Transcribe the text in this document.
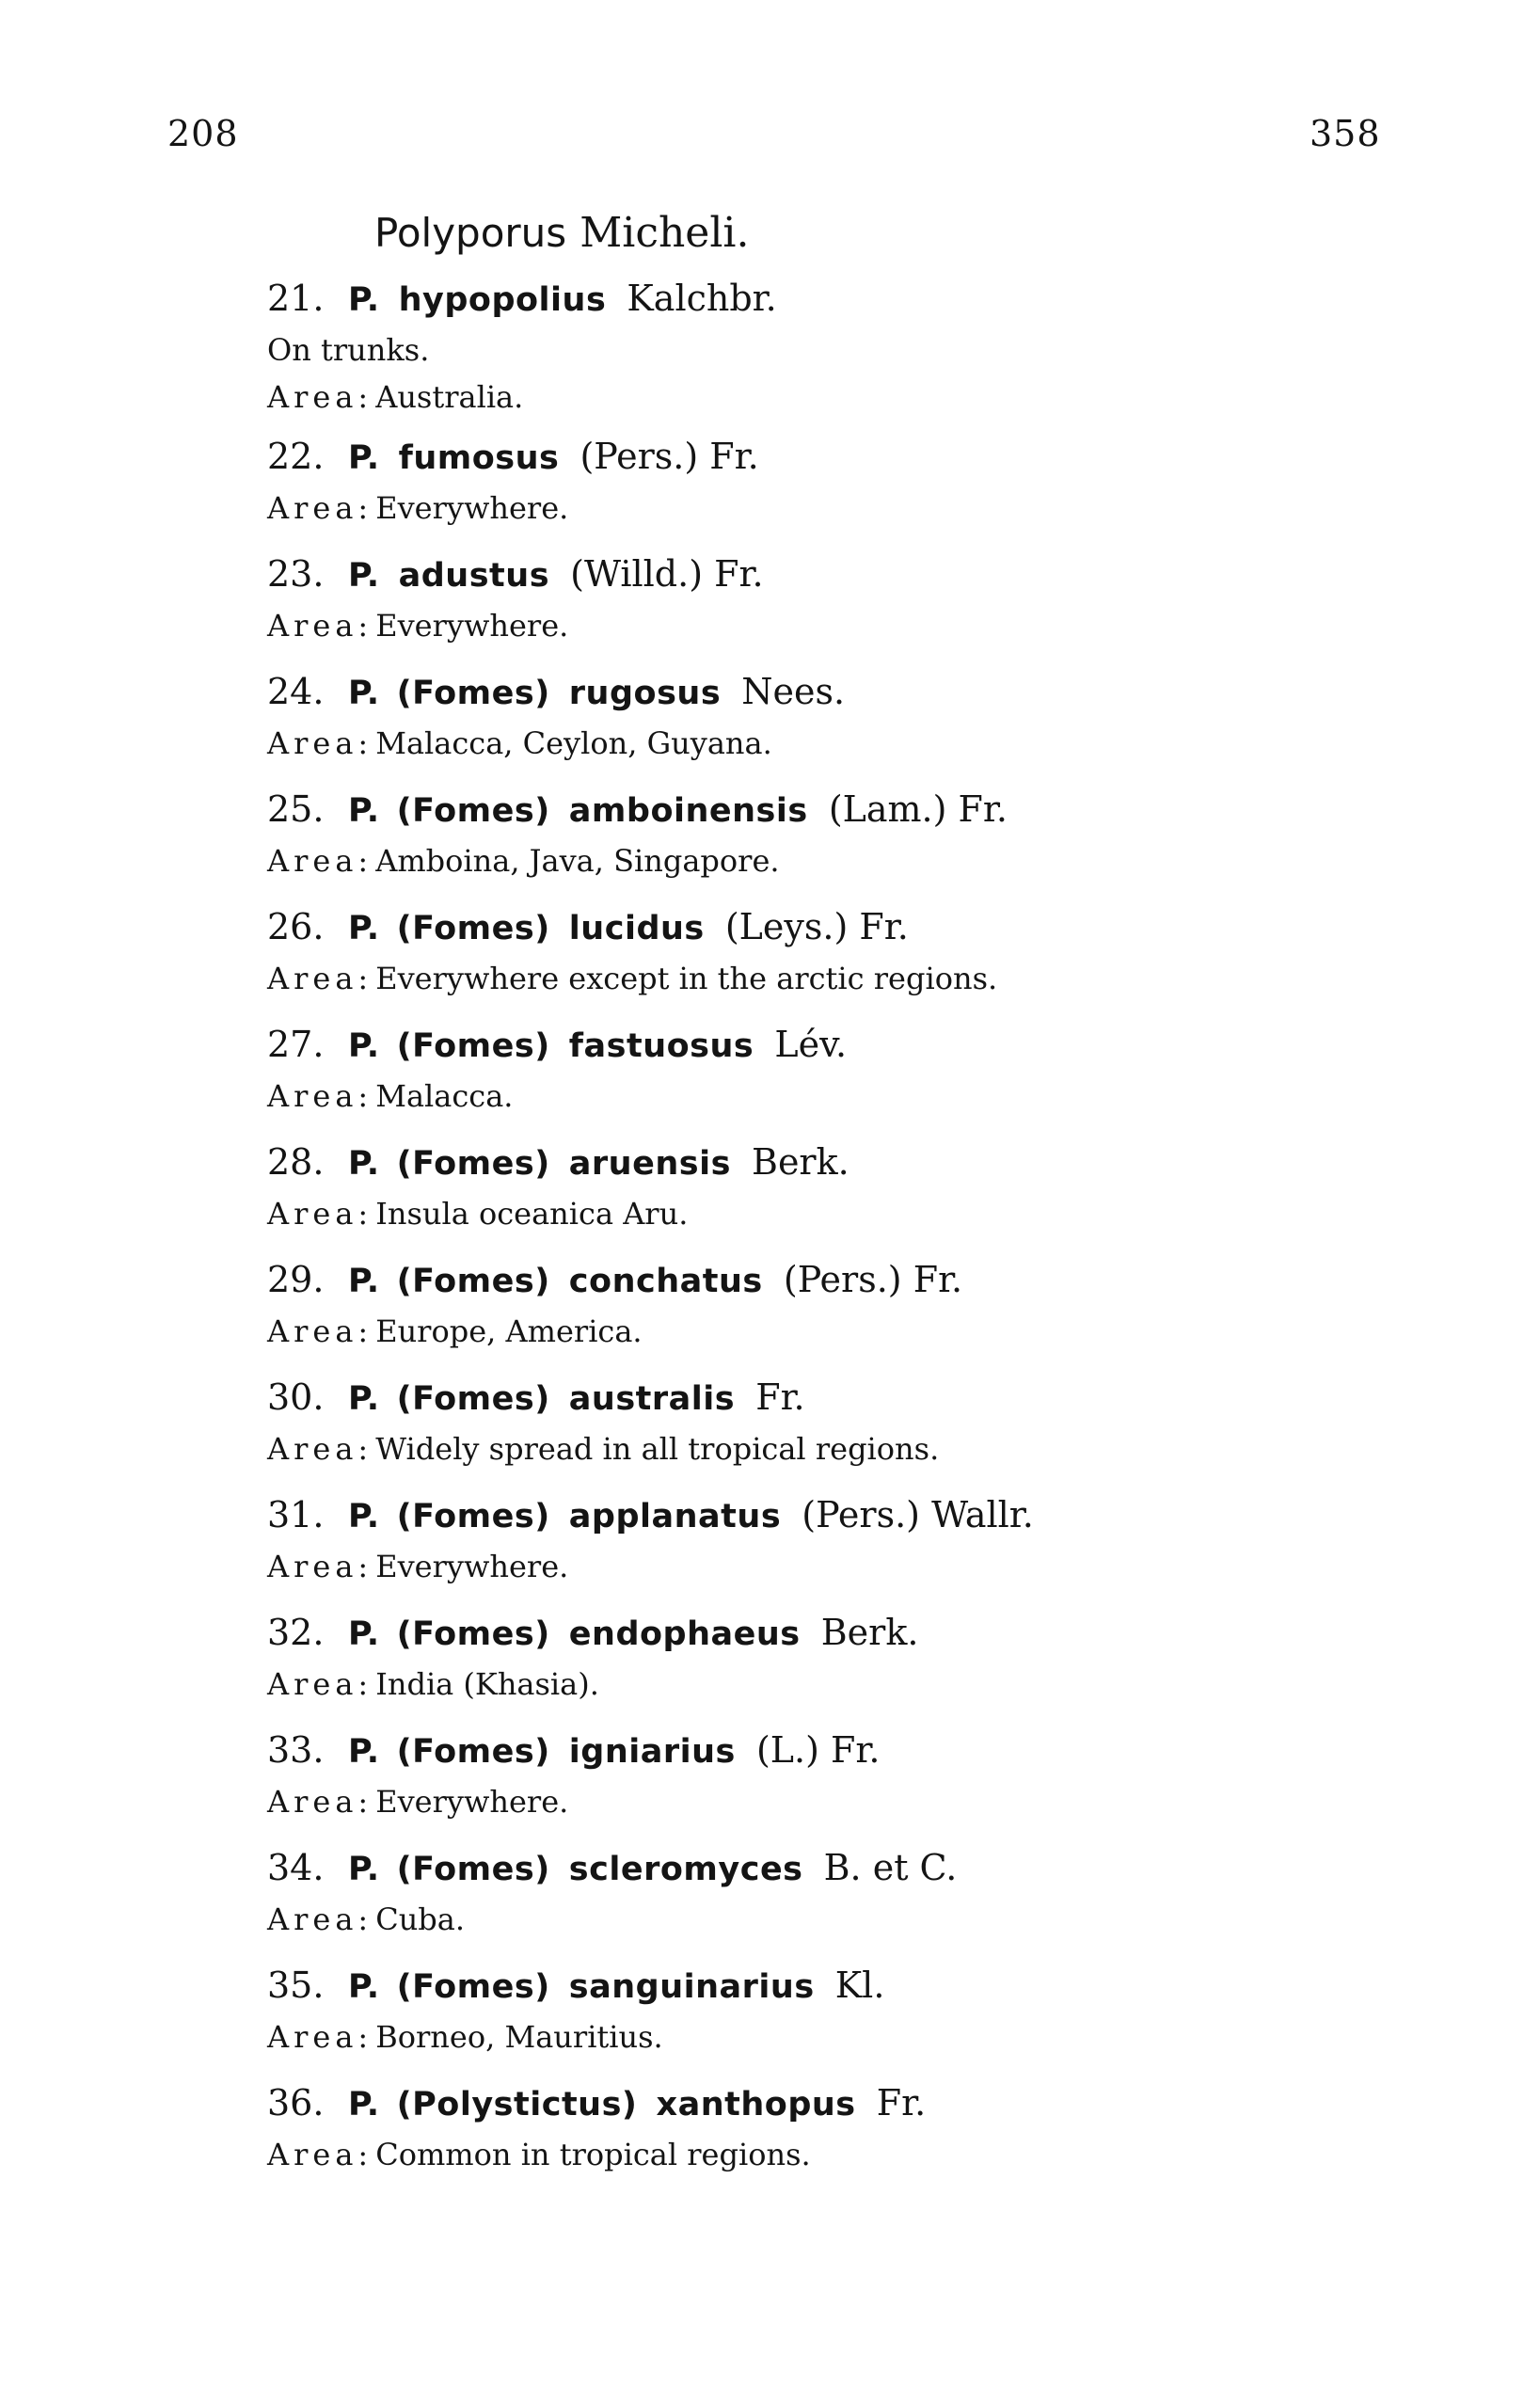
208	358
Polyporus Micheli.
21. P. hypopolius Kalchbr.
On trunks.
Area: Australia.
22. P. fumosus (Pers.) Fr.
Area: Everywhere.
23. P. adustus (Willd.) Fr.
Area: Everywhere.
24. P. (Fomes) rugosus Nees.
Area: Malacca, Ceylon, Guyana.
25. P. (Fomes) amboinensis (Lam.) Fr.
Area: Amboina, Java, Singapore.
26. P. (Fomes) lucidus (Leys.) Fr.
Area: Everywhere except in the arctic regions.
27. P. (Fomes) fastuosus Lév.
Area: Malacca.
28. P. (Fomes) aruensis Berk.
Area: Insula oceanica Aru.
29. P. (Fomes) conchatus (Pers.) Fr.
Area: Europe, America.
30. P. (Fomes) australis Fr.
Area: Widely spread in all tropical regions.
31. P. (Fomes) applanatus (Pers.) Wallr.
Area: Everywhere.
32. P. (Fomes) endophaeus Berk.
Area: India (Khasia).
33. P. (Fomes) igniarius (L.) Fr.
Area: Everywhere.
34. P. (Fomes) scleromyces B. et C.
Area: Cuba.
35. P. (Fomes) sanguinarius Kl.
Area: Borneo, Mauritius.
36. P. (Polystictus) xanthopus Fr.
Area: Common in tropical regions.
